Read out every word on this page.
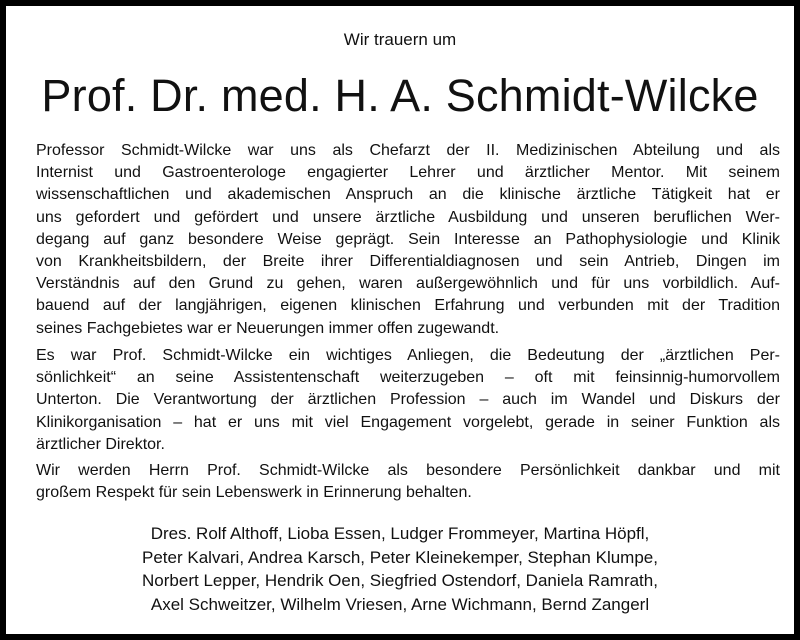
Wir trauern um
Prof. Dr. med. H. A. Schmidt-Wilcke
Professor Schmidt-Wilcke war uns als Chefarzt der II. Medizinischen Abteilung und als
Internist und Gastroenterologe engagierter Lehrer und ärztlicher Mentor. Mit seinem
wissenschaftlichen und akademischen Anspruch an die klinische ärztliche Tätigkeit hat er
uns gefordert und gefördert und unsere ärztliche Ausbildung und unseren beruflichen Wer-
degang auf ganz besondere Weise geprägt. Sein Interesse an Pathophysiologie und Klinik
von Krankheitsbildern, der Breite ihrer Differentialdiagnosen und sein Antrieb, Dingen im
Verständnis auf den Grund zu gehen, waren außergewöhnlich und für uns vorbildlich. Auf-
bauend auf der langjährigen, eigenen klinischen Erfahrung und verbunden mit der Tradition
seines Fachgebietes war er Neuerungen immer offen zugewandt.
Es war Prof. Schmidt-Wilcke ein wichtiges Anliegen, die Bedeutung der „ärztlichen Per-
sönlichkeit“ an seine Assistentenschaft weiterzugeben – oft mit feinsinnig-humorvollem
Unterton. Die Verantwortung der ärztlichen Profession – auch im Wandel und Diskurs der
Klinikorganisation – hat er uns mit viel Engagement vorgelebt, gerade in seiner Funktion als
ärztlicher Direktor.
Wir werden Herrn Prof. Schmidt-Wilcke als besondere Persönlichkeit dankbar und mit
großem Respekt für sein Lebenswerk in Erinnerung behalten.
Dres. Rolf Althoff, Lioba Essen, Ludger Frommeyer, Martina Höpfl,
Peter Kalvari, Andrea Karsch, Peter Kleinekemper, Stephan Klumpe,
Norbert Lepper, Hendrik Oen, Siegfried Ostendorf, Daniela Ramrath,
Axel Schweitzer, Wilhelm Vriesen, Arne Wichmann, Bernd Zangerl
